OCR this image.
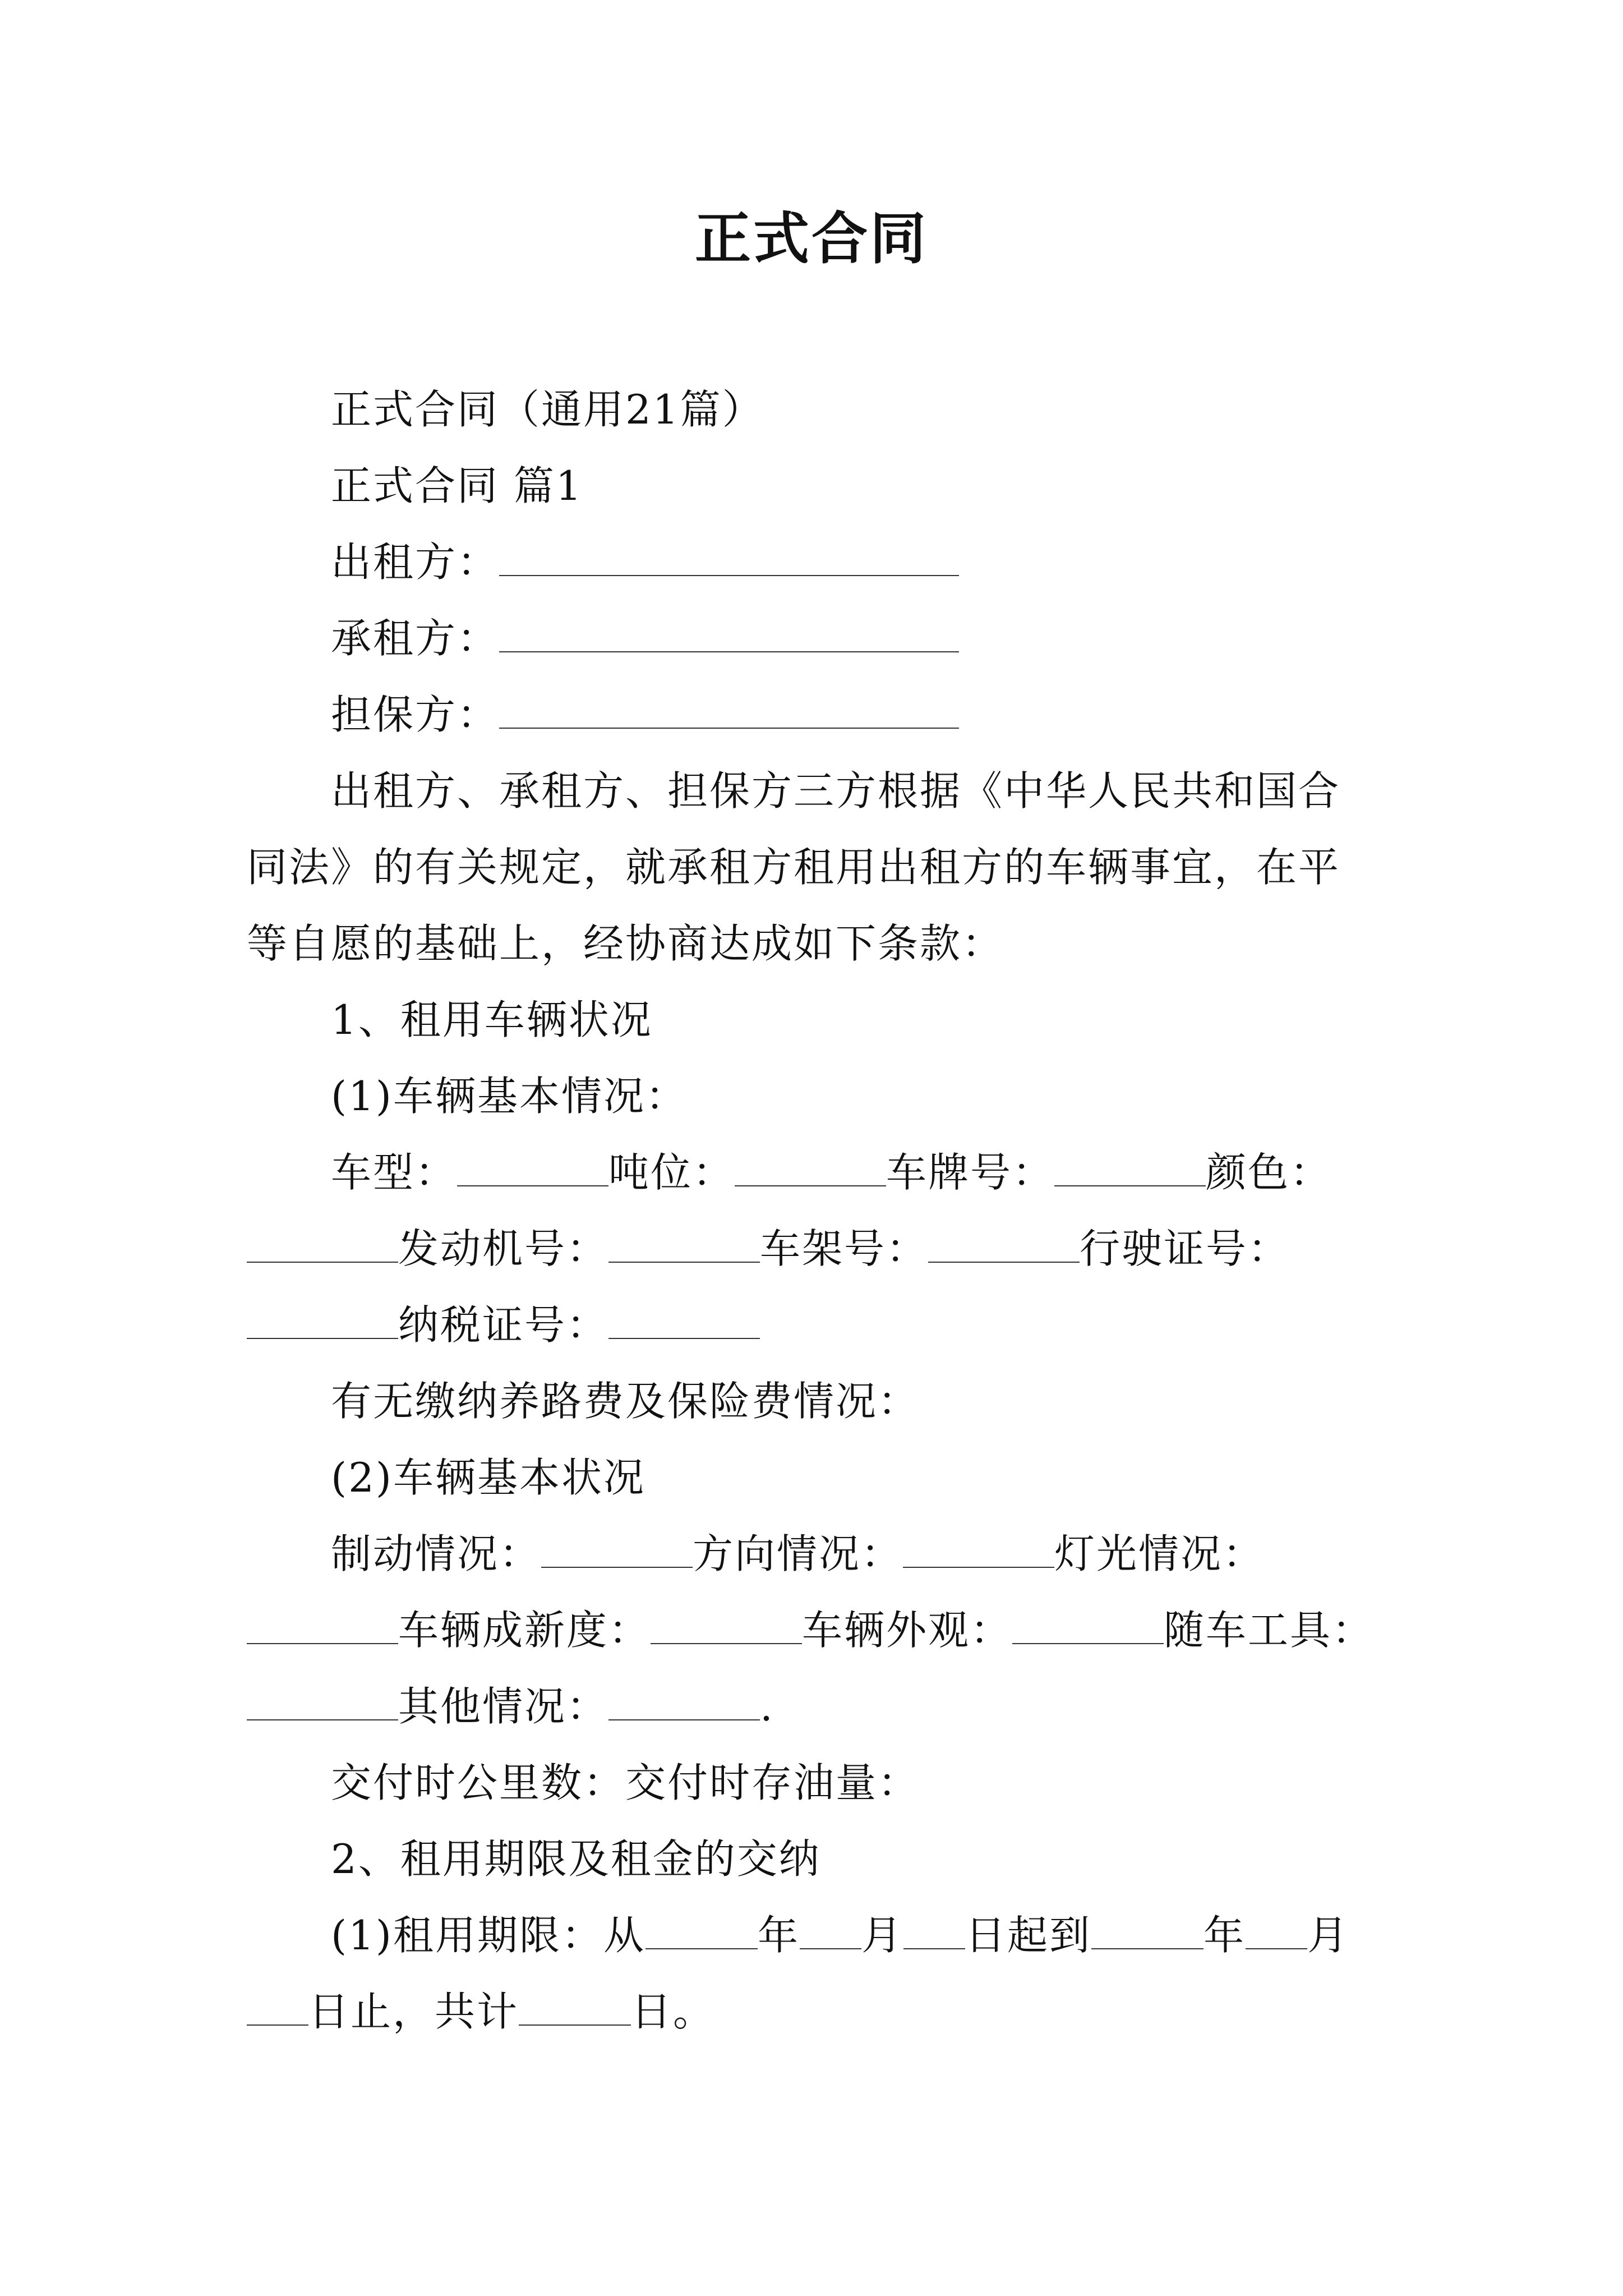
正式合同

正式合同（通用21篇）

正式合同 篇1

出租方：

承租方：

担保方：

出租方、承租方、担保方三方根据《中华人民共和国合同法》的有关规定，就承租方租用出租方的车辆事宜，在平等自愿的基础上，经协商达成如下条款：

1、租用车辆状况

(1)车辆基本情况：

车型：	吨位：	车牌号：	颜色：发动机号：	车架号：	行驶证号：纳税证号：

有无缴纳养路费及保险费情况：

(2)车辆基本状况

制动情况：	方向情况：	灯光情况：车辆成新度：	车辆外观：	随车工具：其他情况：	.

交付时公里数：交付时存油量：

2、租用期限及租金的交纳

(1)租用期限：从	年 月 日起到	年 月日止，共计	日。
